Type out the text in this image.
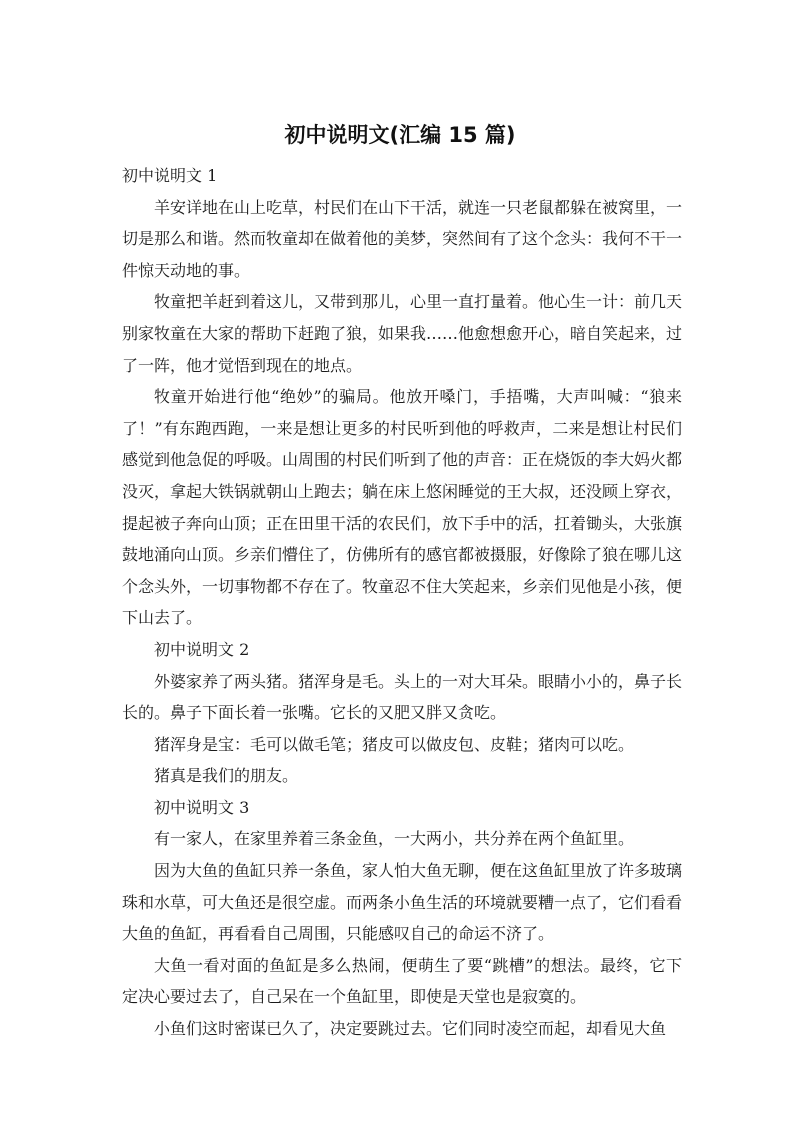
初中说明文(汇编 15 篇)

初中说明文 1

羊安详地在山上吃草，村民们在山下干活，就连一只老鼠都躲在被窝里，一切是那么和谐。然而牧童却在做着他的美梦，突然间有了这个念头：我何不干一件惊天动地的事。

牧童把羊赶到着这儿，又带到那儿，心里一直打量着。他心生一计：前几天别家牧童在大家的帮助下赶跑了狼，如果我……他愈想愈开心，暗自笑起来，过了一阵，他才觉悟到现在的地点。

牧童开始进行他“绝妙”的骗局。他放开嗓门，手捂嘴，大声叫喊：“狼来了！”有东跑西跑，一来是想让更多的村民听到他的呼救声，二来是想让村民们感觉到他急促的呼吸。山周围的村民们听到了他的声音：正在烧饭的李大妈火都没灭，拿起大铁锅就朝山上跑去；躺在床上悠闲睡觉的王大叔，还没顾上穿衣，提起被子奔向山顶；正在田里干活的农民们，放下手中的活，扛着锄头，大张旗鼓地涌向山顶。乡亲们懵住了，仿佛所有的感官都被摄服，好像除了狼在哪儿这个念头外，一切事物都不存在了。牧童忍不住大笑起来，乡亲们见他是小孩，便下山去了。

初中说明文 2

外婆家养了两头猪。猪浑身是毛。头上的一对大耳朵。眼睛小小的，鼻子长长的。鼻子下面长着一张嘴。它长的又肥又胖又贪吃。

猪浑身是宝：毛可以做毛笔；猪皮可以做皮包、皮鞋；猪肉可以吃。

猪真是我们的朋友。

初中说明文 3

有一家人，在家里养着三条金鱼，一大两小，共分养在两个鱼缸里。

因为大鱼的鱼缸只养一条鱼，家人怕大鱼无聊，便在这鱼缸里放了许多玻璃珠和水草，可大鱼还是很空虚。而两条小鱼生活的环境就要糟一点了，它们看看大鱼的鱼缸，再看看自己周围，只能感叹自己的命运不济了。

大鱼一看对面的鱼缸是多么热闹，便萌生了要“跳槽”的想法。最终，它下定决心要过去了，自己呆在一个鱼缸里，即使是天堂也是寂寞的。

小鱼们这时密谋已久了，决定要跳过去。它们同时凌空而起，却看见大鱼
